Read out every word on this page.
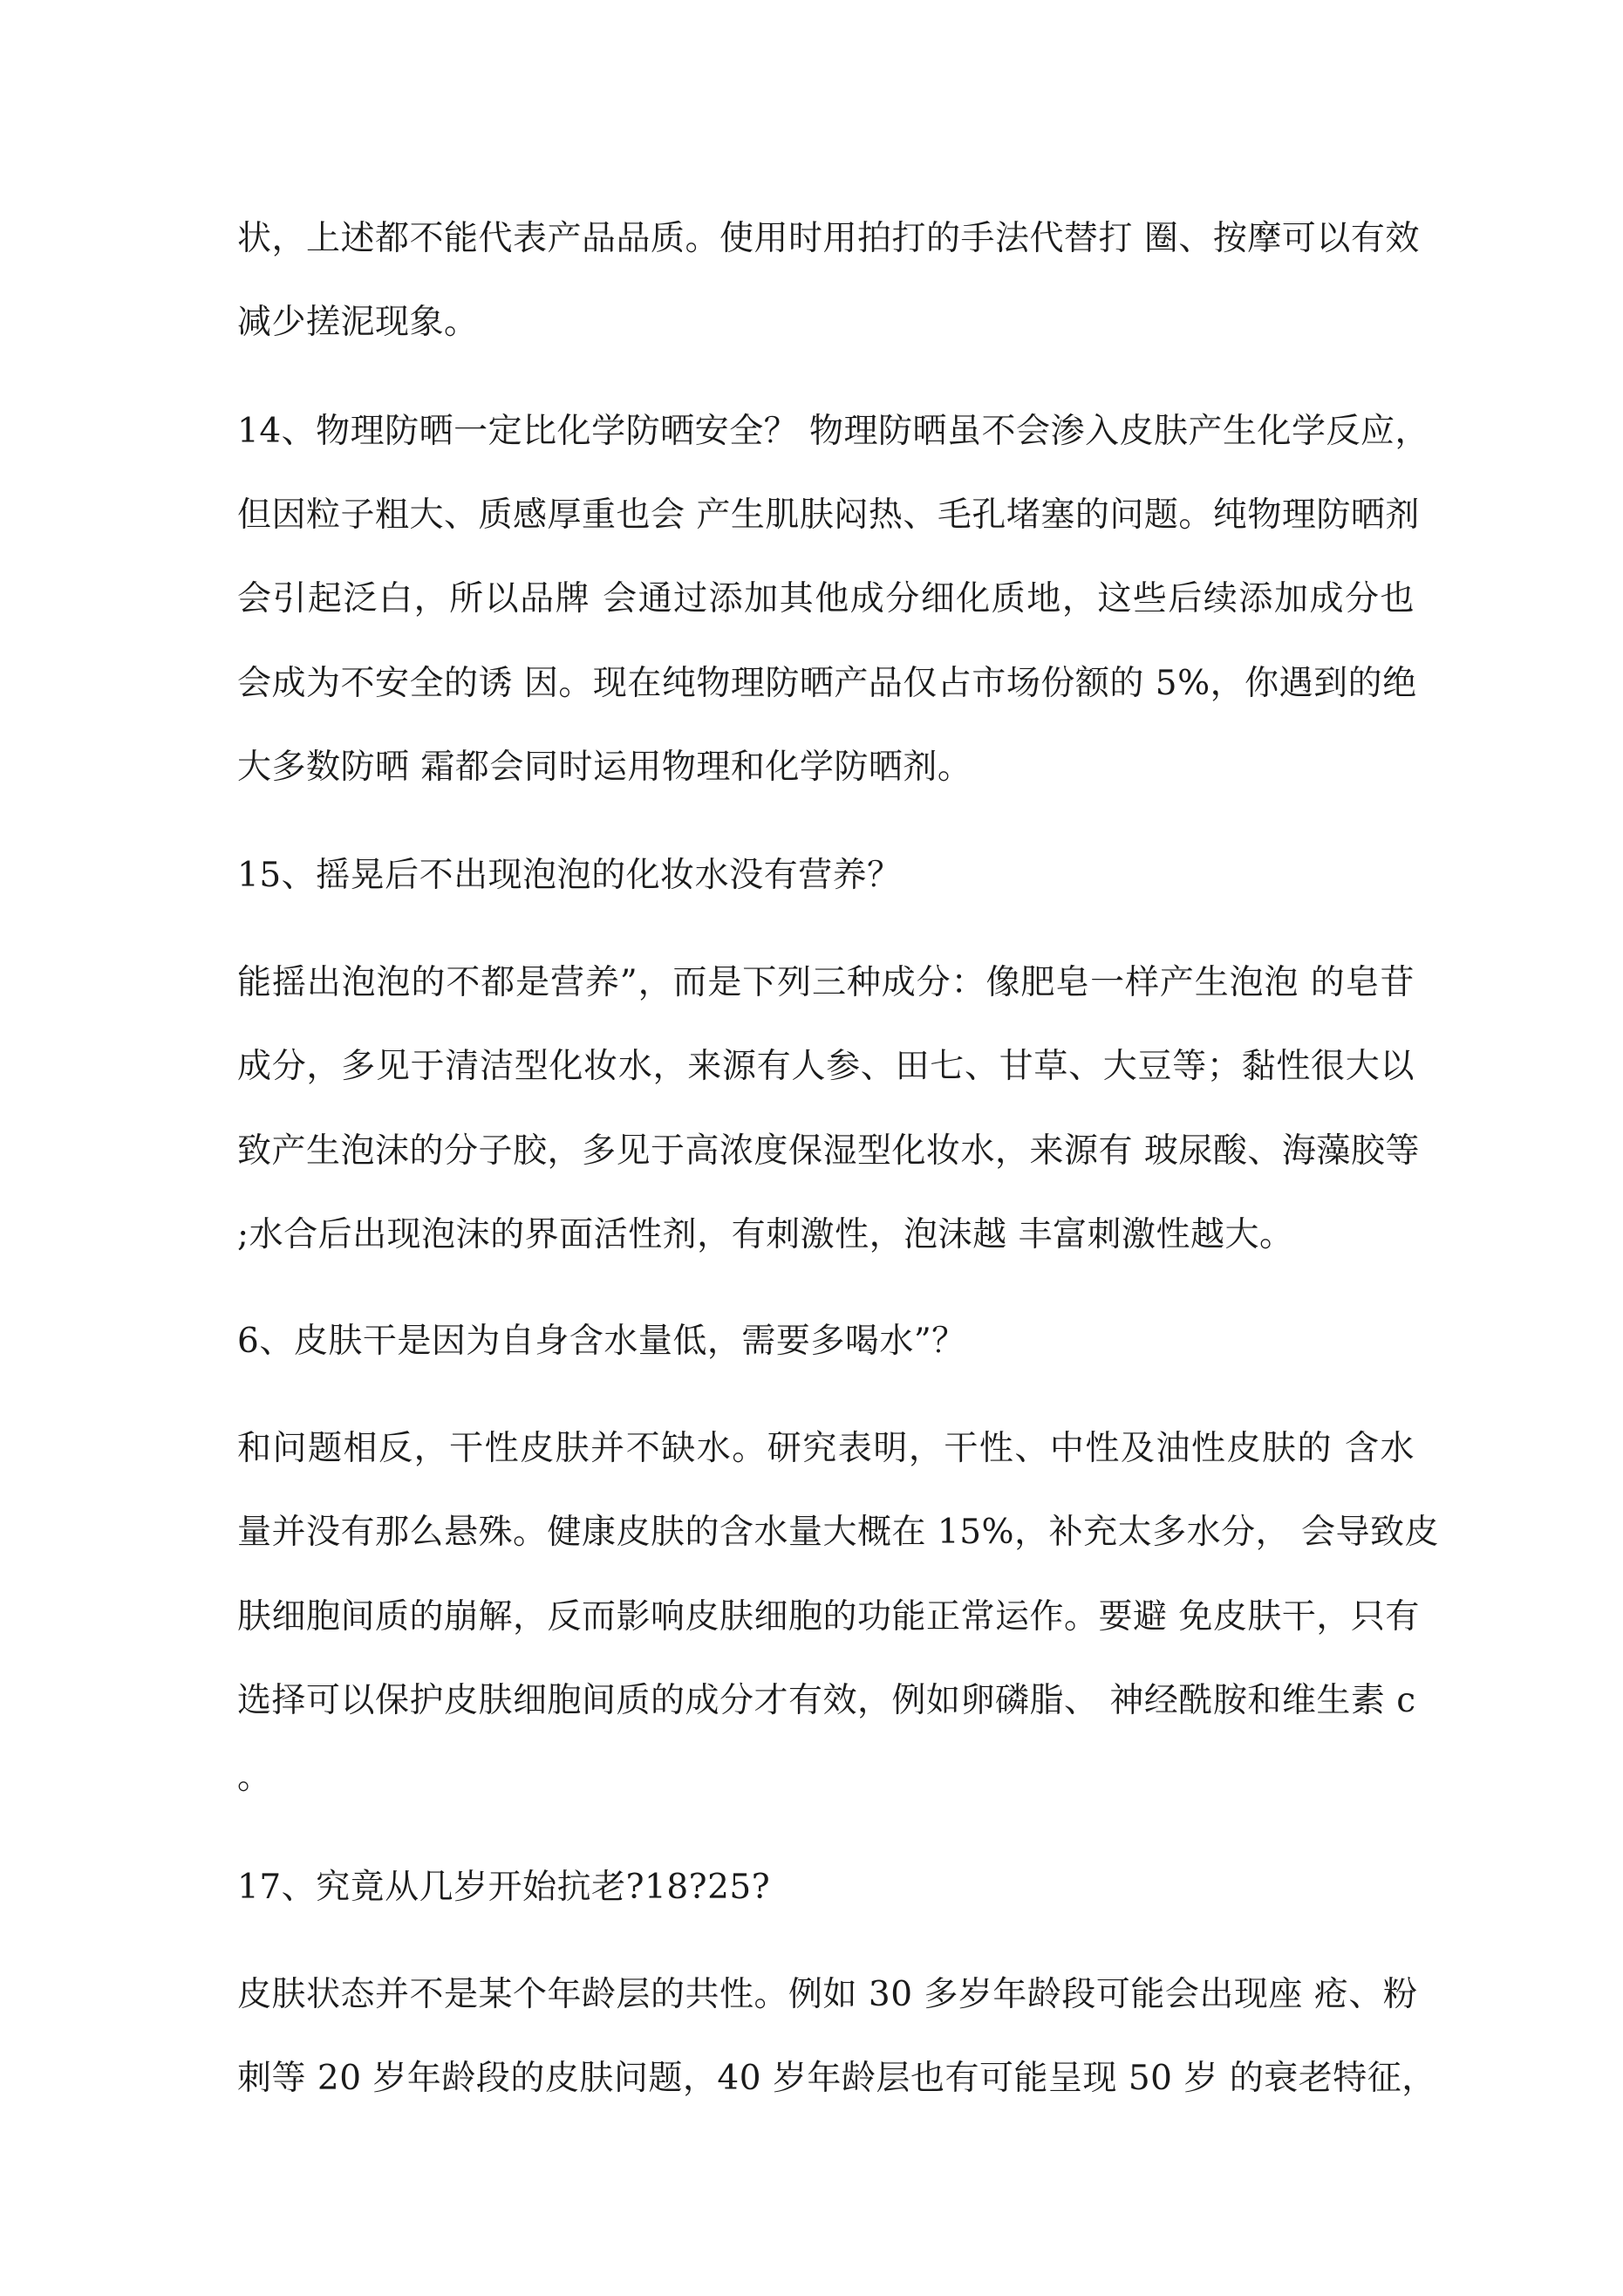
状，上述都不能代表产品品质。使用时用拍打的手法代替打 圈、按摩可以有效
减少搓泥现象。
14、物理防晒一定比化学防晒安全？ 物理防晒虽不会渗入皮肤产生化学反应，
但因粒子粗大、质感厚重也会 产生肌肤闷热、毛孔堵塞的问题。纯物理防晒剂
会引起泛白，所以品牌 会通过添加其他成分细化质地，这些后续添加成分也
会成为不安全的诱 因。现在纯物理防晒产品仅占市场份额的 5%，你遇到的绝
大多数防晒 霜都会同时运用物理和化学防晒剂。
15、摇晃后不出现泡泡的化妆水没有营养？
能摇出泡泡的不都是营养”，而是下列三种成分：像肥皂一样产生泡泡 的皂苷
成分，多见于清洁型化妆水，来源有人参、田七、甘草、大豆等；黏性很大以
致产生泡沫的分子胶，多见于高浓度保湿型化妆水，来源有 玻尿酸、海藻胶等
;水合后出现泡沫的界面活性剂，有刺激性，泡沫越 丰富刺激性越大。
6、皮肤干是因为自身含水量低，需要多喝水”？
和问题相反，干性皮肤并不缺水。研究表明，干性、中性及油性皮肤的 含水
量并没有那么悬殊。健康皮肤的含水量大概在 15%，补充太多水分， 会导致皮
肤细胞间质的崩解，反而影响皮肤细胞的功能正常运作。要避 免皮肤干，只有
选择可以保护皮肤细胞间质的成分才有效，例如卵磷脂、 神经酰胺和维生素 c
。
17、究竟从几岁开始抗老?18?25?
皮肤状态并不是某个年龄层的共性。例如 30 多岁年龄段可能会出现座 疮、粉
刺等 20 岁年龄段的皮肤问题，40 岁年龄层也有可能呈现 50 岁 的衰老特征，
